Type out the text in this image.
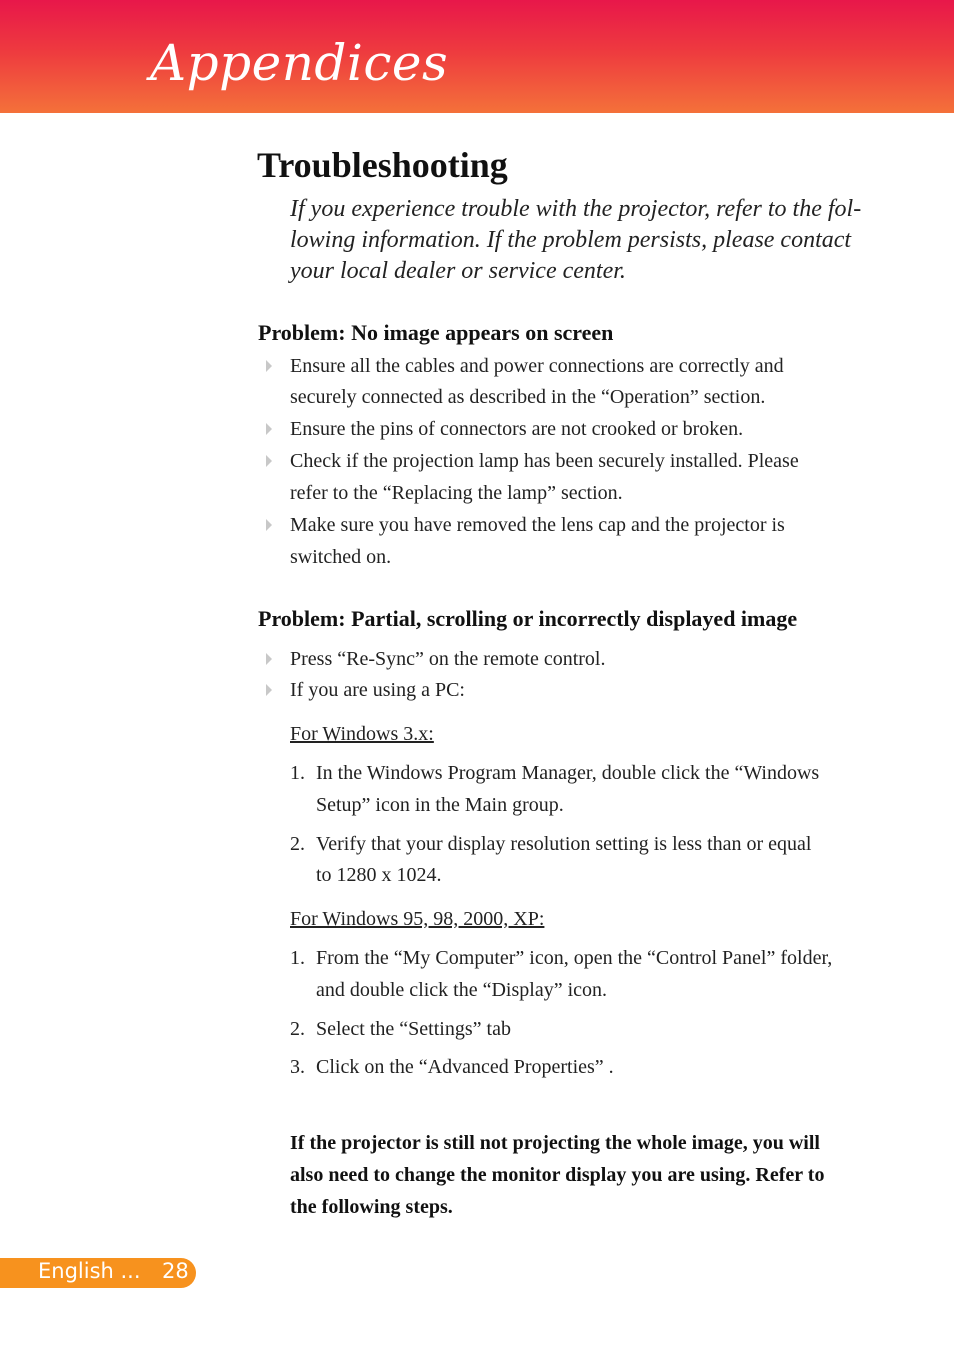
Appendices
Troubleshooting
If you experience trouble with the projector, refer to the fol-
lowing information. If the problem persists, please contact
your local dealer or service center.
Problem: No image appears on screen
Ensure all the cables and power connections are correctly and
securely connected as described in the “Operation” section.
Ensure the pins of connectors are not crooked or broken.
Check if the projection lamp has been securely installed. Please
refer to the “Replacing the lamp” section.
Make sure you have removed the lens cap and the projector is
switched on.
Problem: Partial, scrolling or incorrectly displayed image
Press “Re-Sync” on the remote control.
If you are using a PC:
For Windows 3.x:
1. In the Windows Program Manager, double click the “Windows
Setup” icon in the Main group.
2. Verify that your display resolution setting is less than or equal
to 1280 x 1024.
For Windows 95, 98, 2000, XP:
1. From the “My Computer” icon, open the “Control Panel” folder,
and double click the “Display” icon.
2. Select the “Settings” tab
3. Click on the “Advanced Properties” .
If the projector is still not projecting the whole image, you will
also need to change the monitor display you are using. Refer to
the following steps.
English ... 28
